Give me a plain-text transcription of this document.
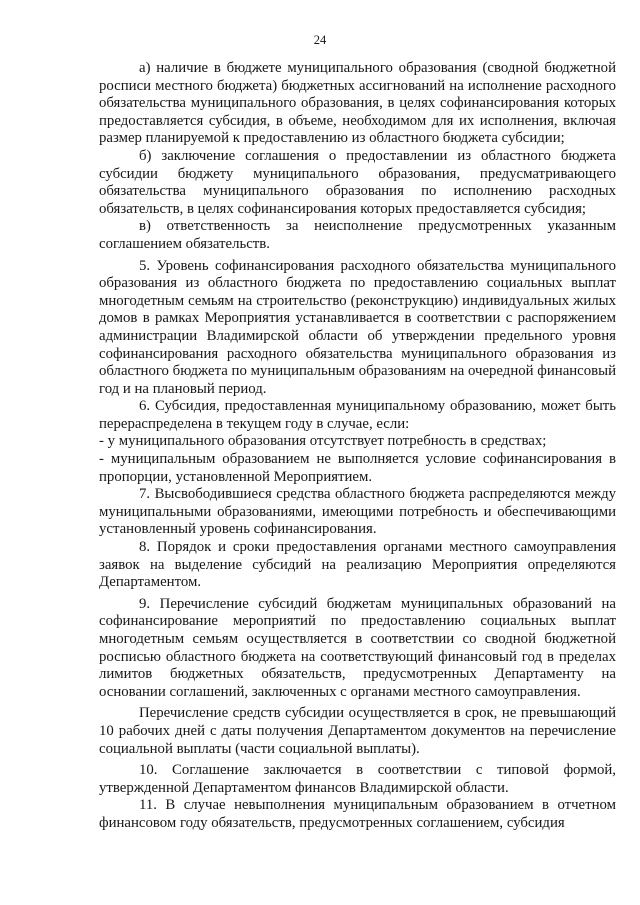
24

а) наличие в бюджете муниципального образования (сводной бюджетной росписи местного бюджета) бюджетных ассигнований на исполнение расходного обязательства муниципального образования, в целях софинансирования которых предоставляется субсидия, в объеме, необходимом для их исполнения, включая размер планируемой к предоставлению из областного бюджета субсидии;

б) заключение соглашения о предоставлении из областного бюджета субсидии бюджету муниципального образования, предусматривающего обязательства муниципального образования по исполнению расходных обязательств, в целях софинансирования которых предоставляется субсидия;

в) ответственность за неисполнение предусмотренных указанным соглашением обязательств.

5. Уровень софинансирования расходного обязательства муниципального образования из областного бюджета по предоставлению социальных выплат многодетным семьям на строительство (реконструкцию) индивидуальных жилых домов в рамках Мероприятия устанавливается в соответствии с распоряжением администрации Владимирской области об утверждении предельного уровня софинансирования расходного обязательства муниципального образования из областного бюджета по муниципальным образованиям на очередной финансовый год и на плановый период.

6. Субсидия, предоставленная муниципальному образованию, может быть перераспределена в текущем году в случае, если:

- у муниципального образования отсутствует потребность в средствах;

- муниципальным образованием не выполняется условие софинансирования в пропорции, установленной Мероприятием.

7. Высвободившиеся средства областного бюджета распределяются между муниципальными образованиями, имеющими потребность и обеспечивающими установленный уровень софинансирования.

8. Порядок и сроки предоставления органами местного самоуправления заявок на выделение субсидий на реализацию Мероприятия определяются Департаментом.

9. Перечисление субсидий бюджетам муниципальных образований на софинансирование мероприятий по предоставлению социальных выплат многодетным семьям осуществляется в соответствии со сводной бюджетной росписью областного бюджета на соответствующий финансовый год в пределах лимитов бюджетных обязательств, предусмотренных Департаменту на основании соглашений, заключенных с органами местного самоуправления.

Перечисление средств субсидии осуществляется в срок, не превышающий 10 рабочих дней с даты получения Департаментом документов на перечисление социальной выплаты (части социальной выплаты).

10. Соглашение заключается в соответствии с типовой формой, утвержденной Департаментом финансов Владимирской области.

11. В случае невыполнения муниципальным образованием в отчетном финансовом году обязательств, предусмотренных соглашением, субсидия
